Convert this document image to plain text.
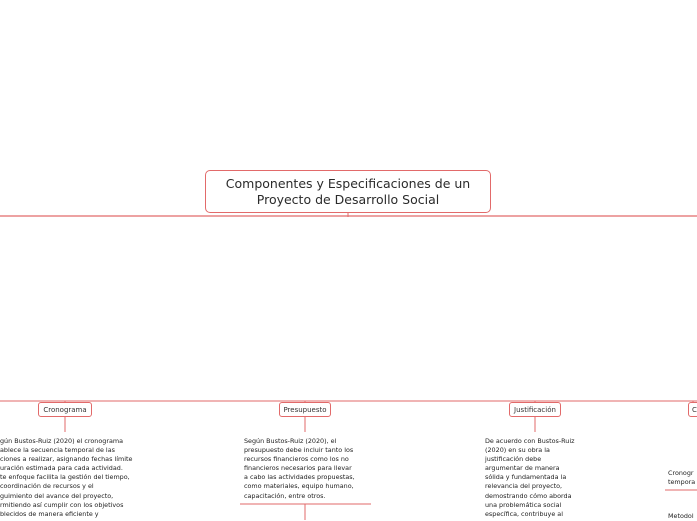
Componentes y Especificaciones de un
Proyecto de Desarrollo Social
Cronograma	Presupuesto	Justificación	C
gún Bustos-Ruiz (2020) el cronograma
ablece la secuencia temporal de las
ciones a realizar, asignando fechas límite
uración estimada para cada actividad.
te enfoque facilita la gestión del tiempo,
coordinación de recursos y el
guimiento del avance del proyecto,
rmitiendo así cumplir con los objetivos
blecidos de manera eficiente y
Según Bustos-Ruiz (2020), el
presupuesto debe incluir tanto los
recursos financieros como los no
financieros necesarios para llevar
a cabo las actividades propuestas,
como materiales, equipo humano,
capacitación, entre otros.
De acuerdo con Bustos-Ruiz
(2020) en su obra la
justificación debe
argumentar de manera
sólida y fundamentada la
relevancia del proyecto,
demostrando cómo aborda
una problemática social
específica, contribuye al
Cronogr
tempora
Metodol
